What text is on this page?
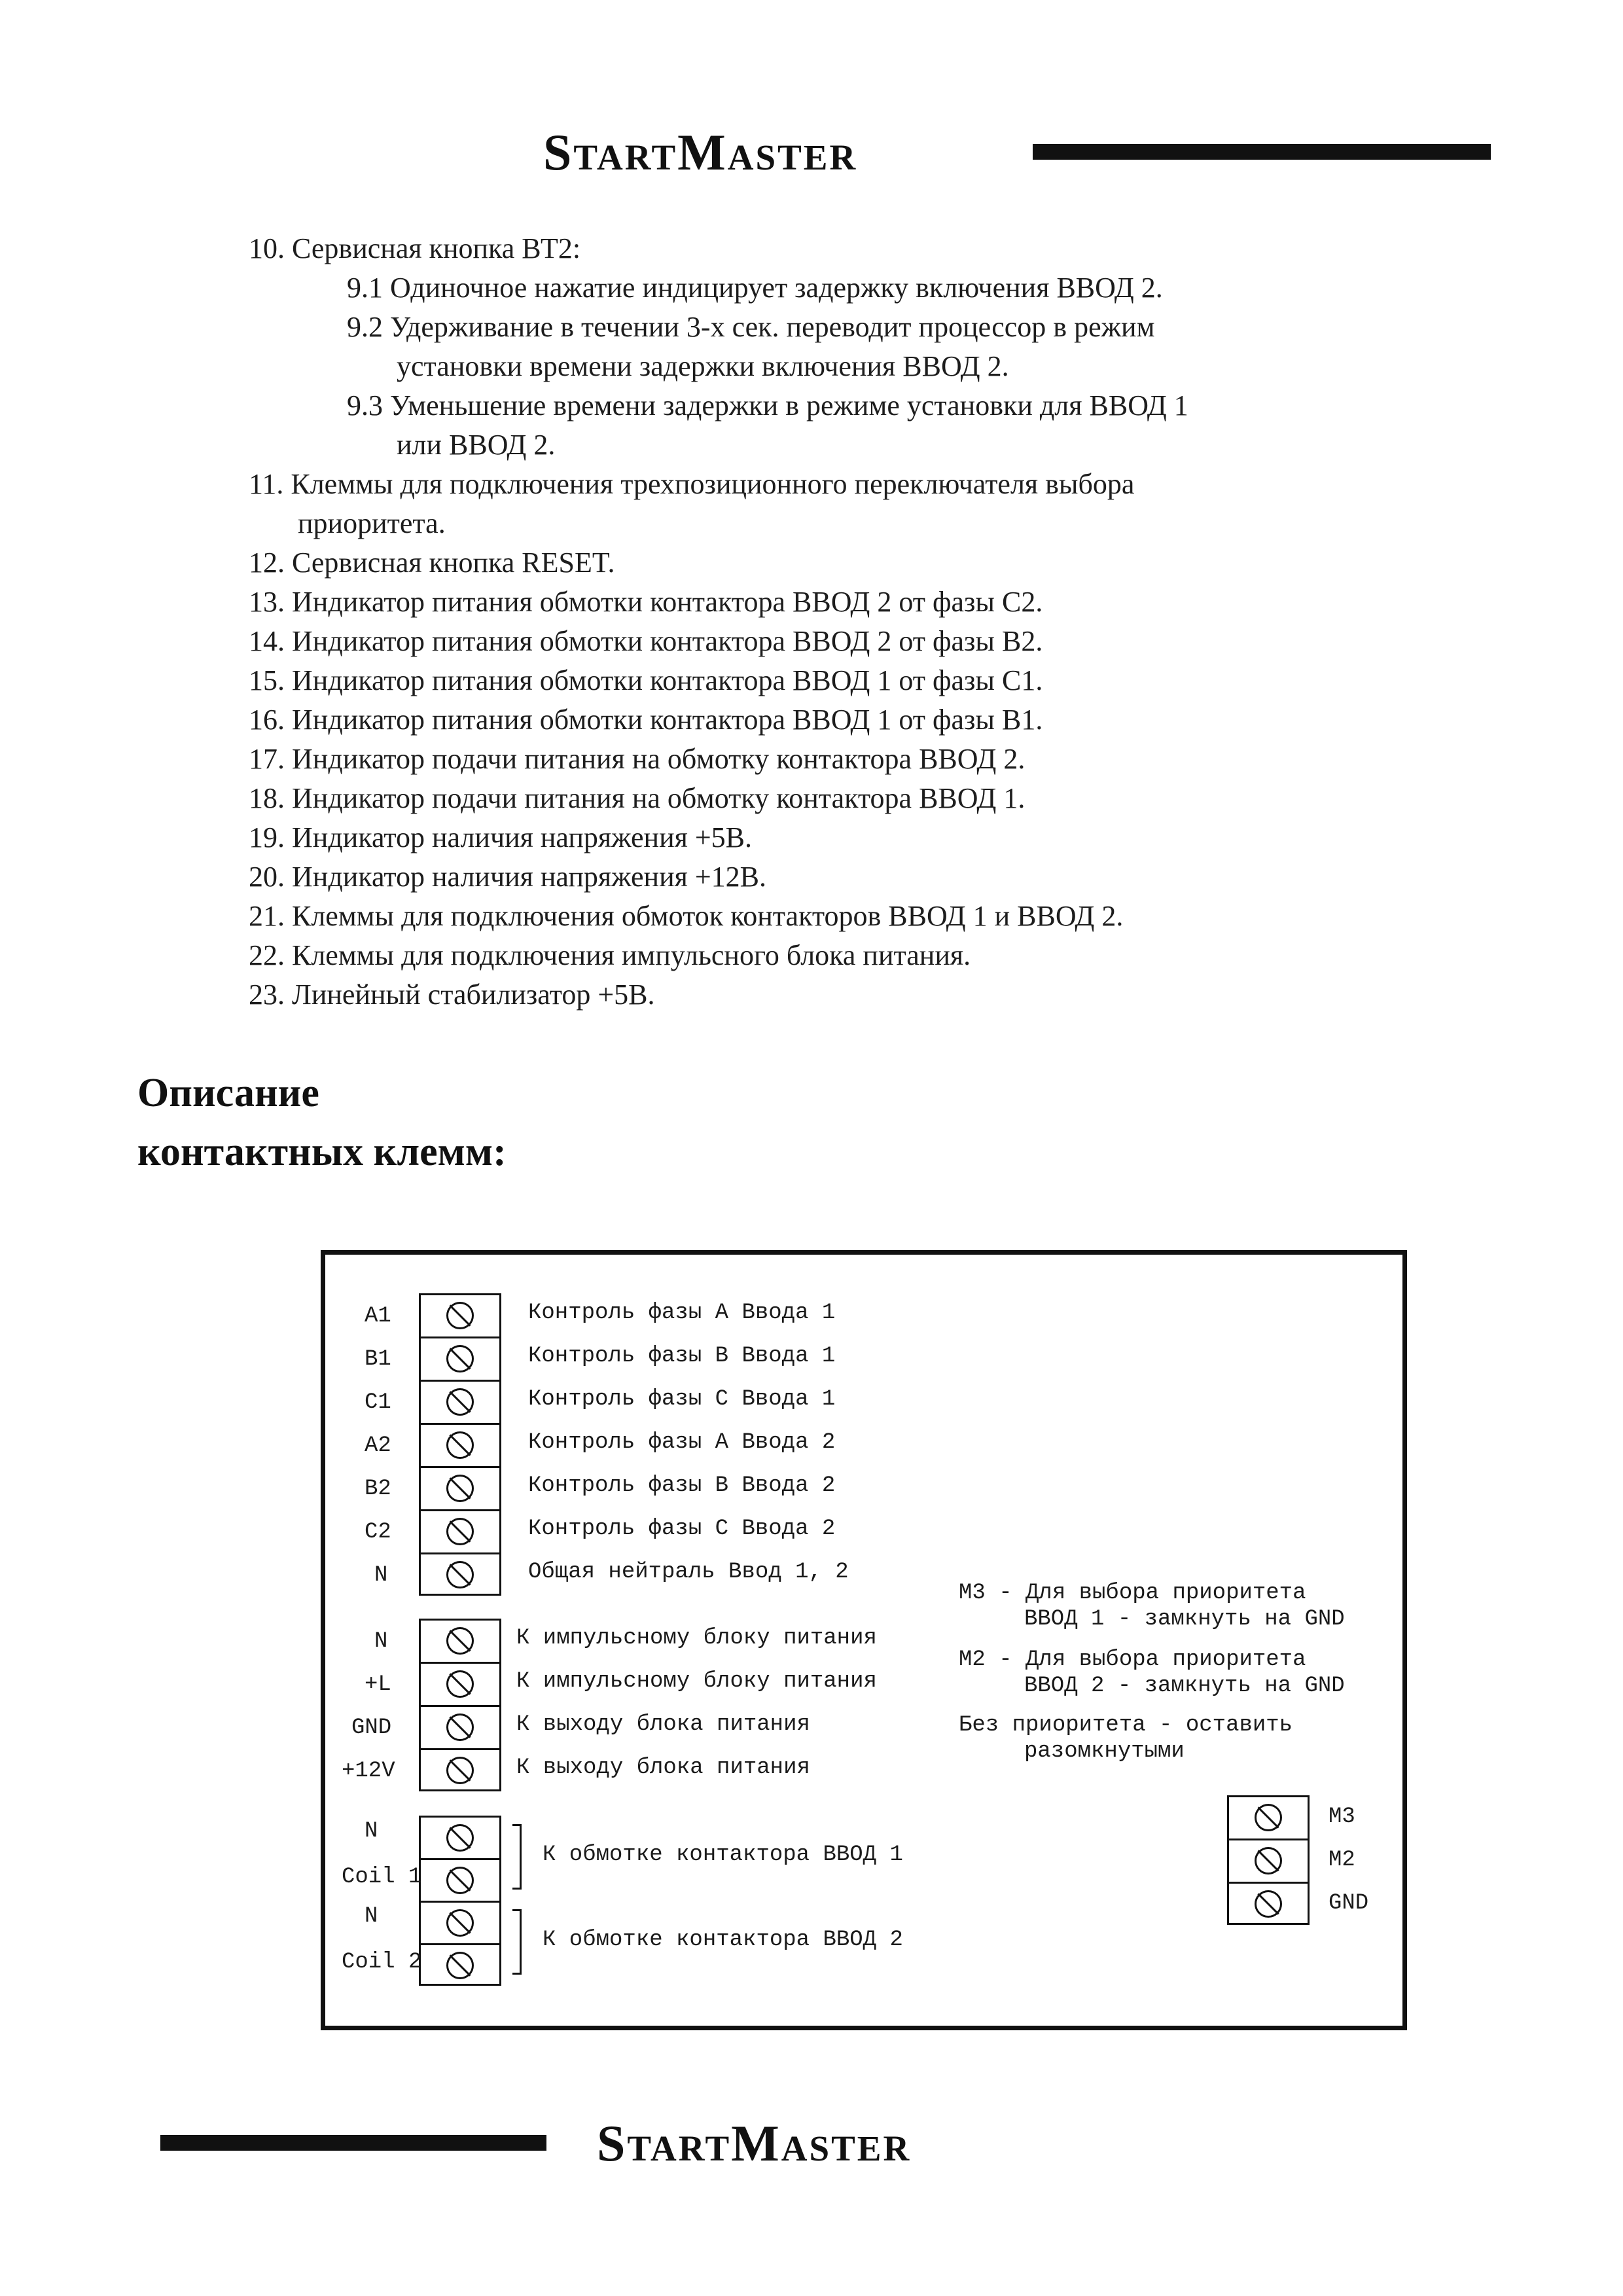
StartMaster
10. Сервисная кнопка ВТ2:
9.1 Одиночное нажатие индицирует задержку включения ВВОД 2.
9.2 Удерживание в течении 3-х сек. переводит процессор в режим
установки времени задержки включения ВВОД 2.
9.3 Уменьшение времени задержки в режиме установки для ВВОД 1
или ВВОД 2.
11. Клеммы для подключения трехпозиционного переключателя выбора
приоритета.
12. Сервисная кнопка RESET.
13. Индикатор питания обмотки контактора ВВОД 2 от фазы С2.
14. Индикатор питания обмотки контактора ВВОД 2 от фазы В2.
15. Индикатор питания обмотки контактора ВВОД 1 от фазы С1.
16. Индикатор питания обмотки контактора ВВОД 1 от фазы В1.
17. Индикатор подачи питания на обмотку контактора ВВОД 2.
18. Индикатор подачи питания на обмотку контактора ВВОД 1.
19. Индикатор наличия напряжения +5В.
20. Индикатор наличия напряжения +12В.
21. Клеммы для подключения обмоток контакторов ВВОД 1 и ВВОД 2.
22. Клеммы для подключения импульсного блока питания.
23. Линейный стабилизатор +5В.
Описание
контактных клемм:
A1
B1
C1
A2
B2
C2
N
Контроль фазы А Ввода 1
Контроль фазы В Ввода 1
Контроль фазы С Ввода 1
Контроль фазы А Ввода 2
Контроль фазы В Ввода 2
Контроль фазы С Ввода 2
Общая нейтраль Ввод 1, 2
N
+L
GND
+12V
К импульсному блоку питания
К импульсному блоку питания
К выходу блока питания
К выходу блока питания
N
Coil 1
N
Coil 2
К обмотке контактора ВВОД 1
К обмотке контактора ВВОД 2
М3 - Для выбора приоритета
ВВОД 1 - замкнуть на GND
М2 - Для выбора приоритета
ВВОД 2 - замкнуть на GND
Без приоритета - оставить
разомкнутыми
М3
М2
GND
StartMaster
